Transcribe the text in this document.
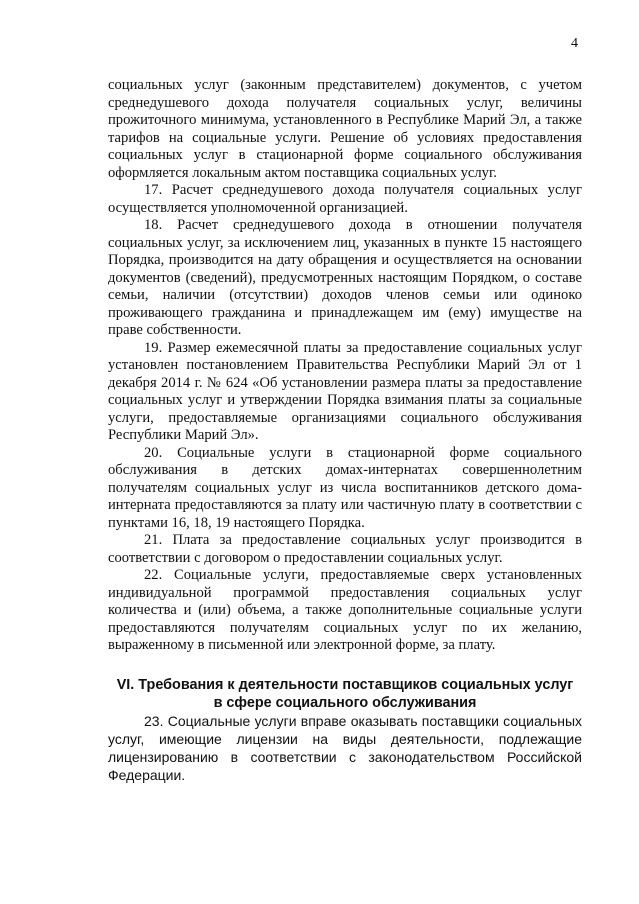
4

социальных услуг (законным представителем) документов, с учетом среднедушевого дохода получателя социальных услуг, величины прожиточного минимума, установленного в Республике Марий Эл, а также тарифов на социальные услуги. Решение об условиях предоставления социальных услуг в стационарной форме социального обслуживания оформляется локальным актом поставщика социальных услуг.

17. Расчет среднедушевого дохода получателя социальных услуг осуществляется уполномоченной организацией.

18. Расчет среднедушевого дохода в отношении получателя социальных услуг, за исключением лиц, указанных в пункте 15 настоящего Порядка, производится на дату обращения и осуществляется на основании документов (сведений), предусмотренных настоящим Порядком, о составе семьи, наличии (отсутствии) доходов членов семьи или одиноко проживающего гражданина и принадлежащем им (ему) имуществе на праве собственности.

19. Размер ежемесячной платы за предоставление социальных услуг установлен постановлением Правительства Республики Марий Эл от 1 декабря 2014 г. № 624 «Об установлении размера платы за предоставление социальных услуг и утверждении Порядка взимания платы за социальные услуги, предоставляемые организациями социального обслуживания Республики Марий Эл».

20. Социальные услуги в стационарной форме социального обслуживания в детских домах-интернатах совершеннолетним получателям социальных услуг из числа воспитанников детского дома-интерната предоставляются за плату или частичную плату в соответствии с пунктами 16, 18, 19 настоящего Порядка.

21. Плата за предоставление социальных услуг производится в соответствии с договором о предоставлении социальных услуг.

22. Социальные услуги, предоставляемые сверх установленных индивидуальной программой предоставления социальных услуг количества и (или) объема, а также дополнительные социальные услуги предоставляются получателям социальных услуг по их желанию, выраженному в письменной или электронной форме, за плату.

VI. Требования к деятельности поставщиков социальных услуг
в сфере социального обслуживания

23. Социальные услуги вправе оказывать поставщики социальных услуг, имеющие лицензии на виды деятельности, подлежащие лицензированию в соответствии с законодательством Российской Федерации.
